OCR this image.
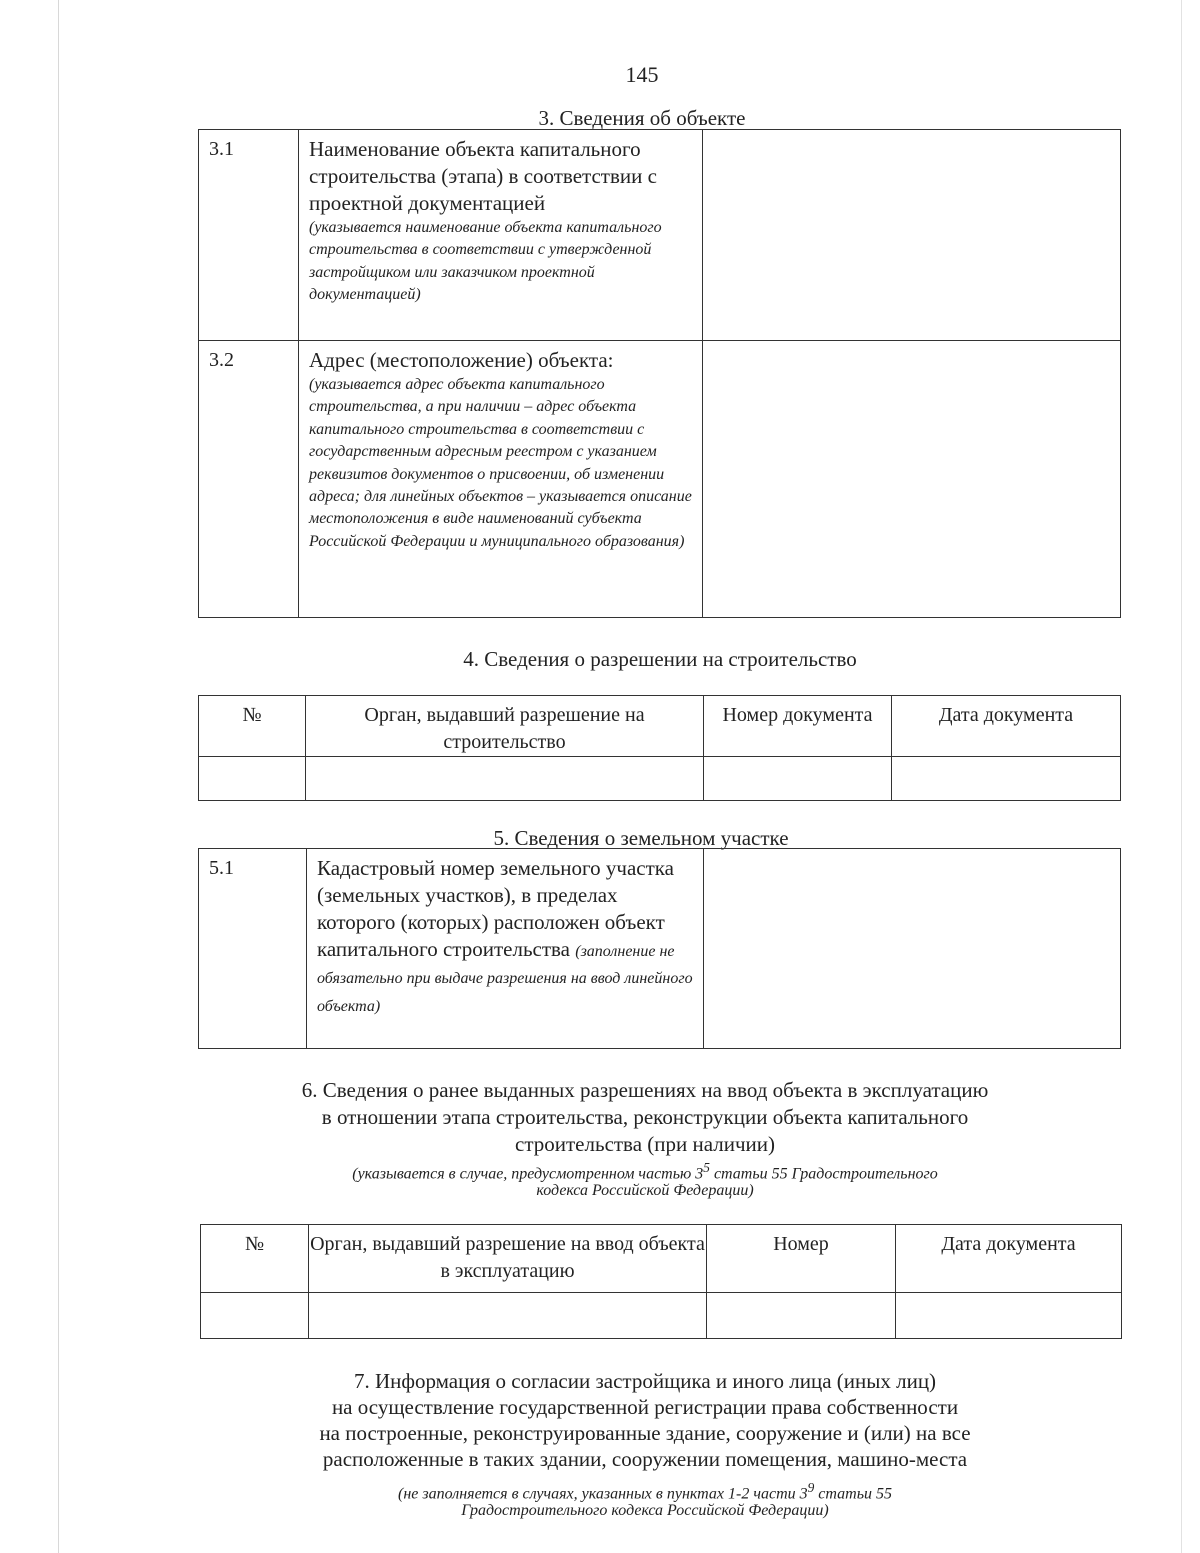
145
3. Сведения об объекте
3.1	Наименование объекта капитального строительства (этапа) в соответствии с проектной документацией
(указывается наименование объекта капитального строительства в соответствии с утвержденной застройщиком или заказчиком проектной документацией)	

3.2	Адрес (местоположение) объекта:
(указывается адрес объекта капитального строительства, а при наличии – адрес объекта капитального строительства в соответствии с государственным адресным реестром с указанием реквизитов документов о присвоении, об изменении адреса; для линейных объектов – указывается описание местоположения в виде наименований субъекта Российской Федерации и муниципального образования)	

4. Сведения о разрешении на строительство
№	Орган, выдавший разрешение на строительство	Номер документа	Дата документа

5. Сведения о земельном участке
5.1	Кадастровый номер земельного участка (земельных участков), в пределах которого (которых) расположен объект капитального строительства (заполнение не обязательно при выдаче разрешения на ввод линейного объекта)

6. Сведения о ранее выданных разрешениях на ввод объекта в эксплуатацию
в отношении этапа строительства, реконструкции объекта капитального
строительства (при наличии)
(указывается в случае, предусмотренном частью $3^5$ статьи 55 Градостроительного
кодекса Российской Федерации)
№	Орган, выдавший разрешение на ввод объекта в эксплуатацию	Номер	Дата документа

7. Информация о согласии застройщика и иного лица (иных лиц)
на осуществление государственной регистрации права собственности
на построенные, реконструированные здание, сооружение и (или) на все
расположенные в таких здании, сооружении помещения, машино-места
(не заполняется в случаях, указанных в пунктах 1-2 части $3^9$ статьи 55
Градостроительного кодекса Российской Федерации)
